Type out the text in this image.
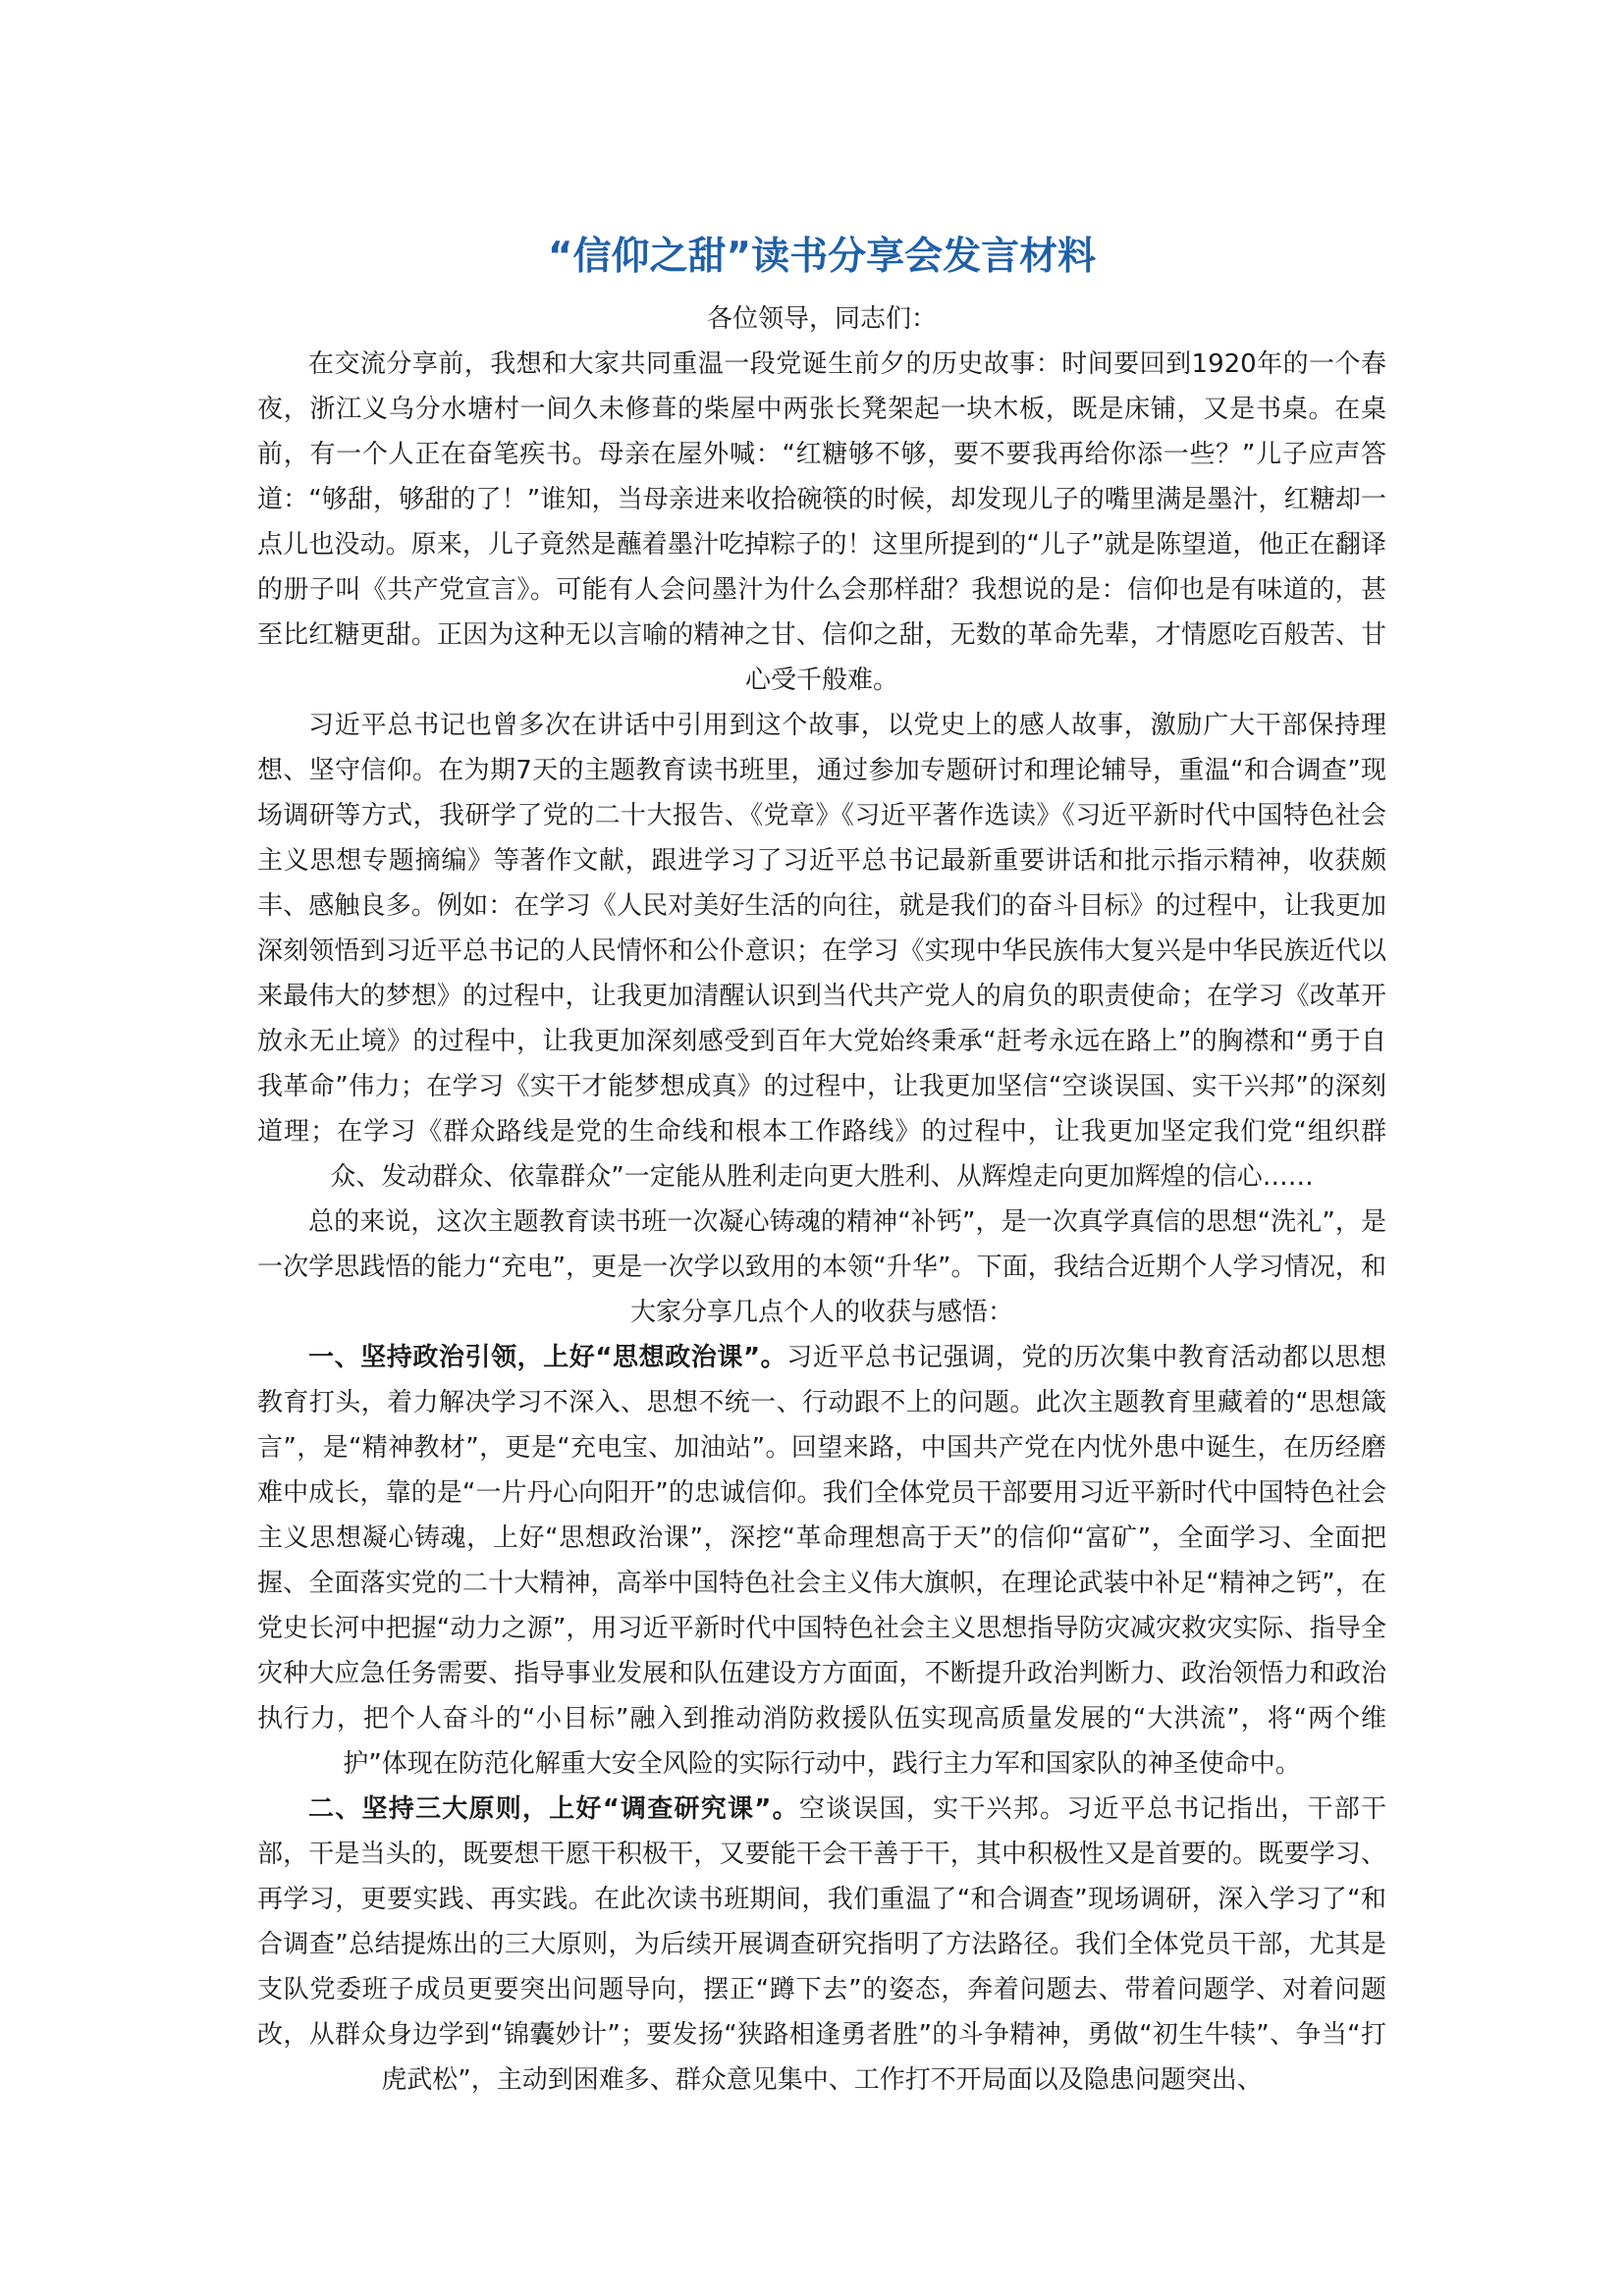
“信仰之甜”读书分享会发言材料

各位领导，同志们：

在交流分享前，我想和大家共同重温一段党诞生前夕的历史故事：时间要回到1920年的一个春夜，浙江义乌分水塘村一间久未修葺的柴屋中两张长凳架起一块木板，既是床铺，又是书桌。在桌前，有一个人正在奋笔疾书。母亲在屋外喊：“红糖够不够，要不要我再给你添一些？”儿子应声答道：“够甜，够甜的了！”谁知，当母亲进来收拾碗筷的时候，却发现儿子的嘴里满是墨汁，红糖却一点儿也没动。原来，儿子竟然是蘸着墨汁吃掉粽子的！这里所提到的“儿子”就是陈望道，他正在翻译的册子叫《共产党宣言》。可能有人会问墨汁为什么会那样甜？我想说的是：信仰也是有味道的，甚至比红糖更甜。正因为这种无以言喻的精神之甘、信仰之甜，无数的革命先辈，才情愿吃百般苦、甘心受千般难。

习近平总书记也曾多次在讲话中引用到这个故事，以党史上的感人故事，激励广大干部保持理想、坚守信仰。在为期7天的主题教育读书班里，通过参加专题研讨和理论辅导，重温“和合调查”现场调研等方式，我研学了党的二十大报告、《党章》《习近平著作选读》《习近平新时代中国特色社会主义思想专题摘编》等著作文献，跟进学习了习近平总书记最新重要讲话和批示指示精神，收获颇丰、感触良多。例如：在学习《人民对美好生活的向往，就是我们的奋斗目标》的过程中，让我更加深刻领悟到习近平总书记的人民情怀和公仆意识；在学习《实现中华民族伟大复兴是中华民族近代以来最伟大的梦想》的过程中，让我更加清醒认识到当代共产党人的肩负的职责使命；在学习《改革开放永无止境》的过程中，让我更加深刻感受到百年大党始终秉承“赶考永远在路上”的胸襟和“勇于自我革命”伟力；在学习《实干才能梦想成真》的过程中，让我更加坚信“空谈误国、实干兴邦”的深刻道理；在学习《群众路线是党的生命线和根本工作路线》的过程中，让我更加坚定我们党“组织群众、发动群众、依靠群众”一定能从胜利走向更大胜利、从辉煌走向更加辉煌的信心……

总的来说，这次主题教育读书班一次凝心铸魂的精神“补钙”，是一次真学真信的思想“洗礼”，是一次学思践悟的能力“充电”，更是一次学以致用的本领“升华”。下面，我结合近期个人学习情况，和大家分享几点个人的收获与感悟：

一、坚持政治引领，上好“思想政治课”。习近平总书记强调，党的历次集中教育活动都以思想教育打头，着力解决学习不深入、思想不统一、行动跟不上的问题。此次主题教育里藏着的“思想箴言”，是“精神教材”，更是“充电宝、加油站”。回望来路，中国共产党在内忧外患中诞生，在历经磨难中成长，靠的是“一片丹心向阳开”的忠诚信仰。我们全体党员干部要用习近平新时代中国特色社会主义思想凝心铸魂，上好“思想政治课”，深挖“革命理想高于天”的信仰“富矿”，全面学习、全面把握、全面落实党的二十大精神，高举中国特色社会主义伟大旗帜，在理论武装中补足“精神之钙”，在党史长河中把握“动力之源”，用习近平新时代中国特色社会主义思想指导防灾减灾救灾实际、指导全灾种大应急任务需要、指导事业发展和队伍建设方方面面，不断提升政治判断力、政治领悟力和政治执行力，把个人奋斗的“小目标”融入到推动消防救援队伍实现高质量发展的“大洪流”，将“两个维护”体现在防范化解重大安全风险的实际行动中，践行主力军和国家队的神圣使命中。

二、坚持三大原则，上好“调查研究课”。空谈误国，实干兴邦。习近平总书记指出，干部干部，干是当头的，既要想干愿干积极干，又要能干会干善于干，其中积极性又是首要的。既要学习、再学习，更要实践、再实践。在此次读书班期间，我们重温了“和合调查”现场调研，深入学习了“和合调查”总结提炼出的三大原则，为后续开展调查研究指明了方法路径。我们全体党员干部，尤其是支队党委班子成员更要突出问题导向，摆正“蹲下去”的姿态，奔着问题去、带着问题学、对着问题改，从群众身边学到“锦囊妙计”；要发扬“狭路相逢勇者胜”的斗争精神，勇做“初生牛犊”、争当“打虎武松”，主动到困难多、群众意见集中、工作打不开局面以及隐患问题突出、
